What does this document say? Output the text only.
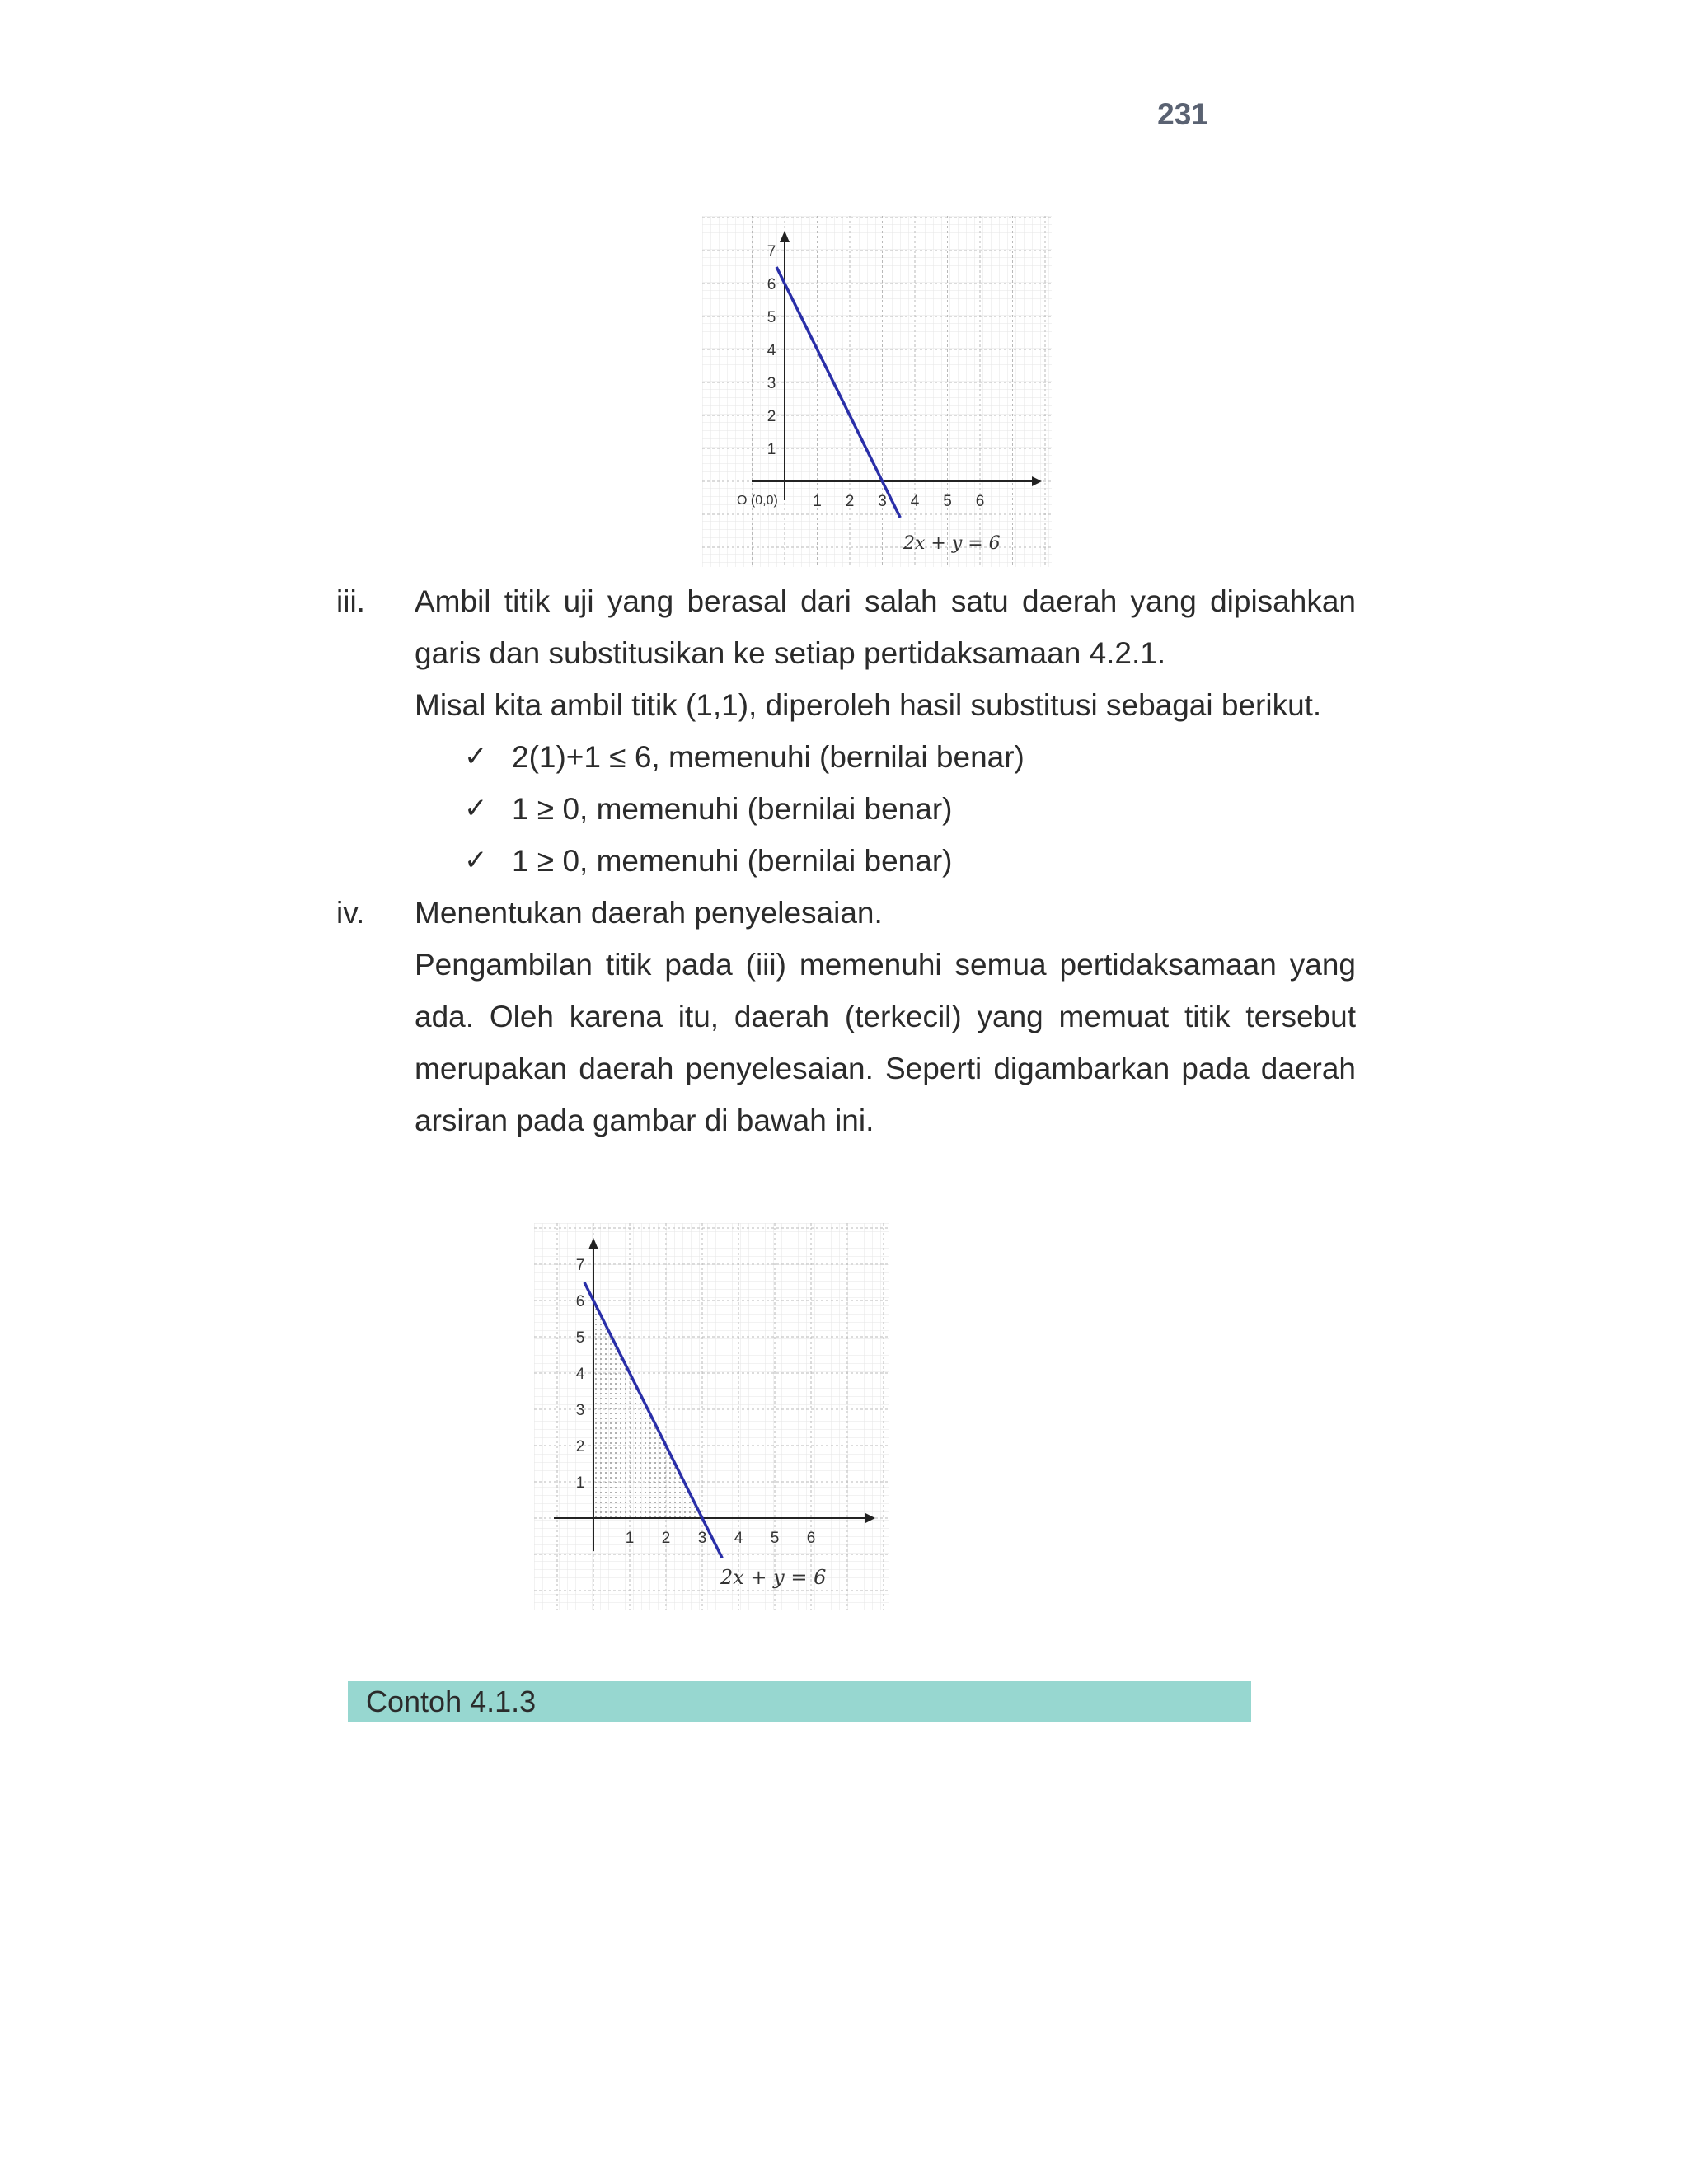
231
1
2
3
4
5
6
7
1 2 3 4 5 6
O (0,0)
2x + y = 6
iii. Ambil titik uji yang berasal dari salah satu daerah yang dipisahkan
garis dan substitusikan ke setiap pertidaksamaan 4.2.1.
Misal kita ambil titik (1,1), diperoleh hasil substitusi sebagai berikut.
✓ 2(1)+1 ≤ 6, memenuhi (bernilai benar)
✓ 1 ≥ 0, memenuhi (bernilai benar)
✓ 1 ≥ 0, memenuhi (bernilai benar)
iv. Menentukan daerah penyelesaian.
Pengambilan titik pada (iii) memenuhi semua pertidaksamaan yang
ada. Oleh karena itu, daerah (terkecil) yang memuat titik tersebut
merupakan daerah penyelesaian. Seperti digambarkan pada daerah
arsiran pada gambar di bawah ini.
1
2
3
4
5
6
7
1 2 3 4 5 6
2x + y = 6
Contoh 4.1.3
